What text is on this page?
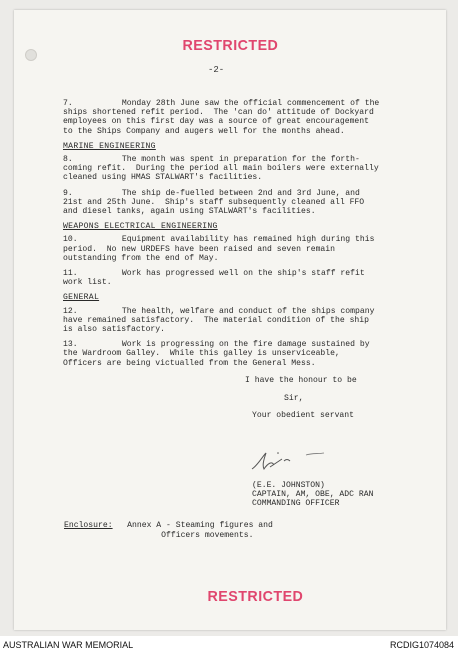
RESTRICTED
-2-
7.        Monday 28th June saw the official commencement of the ships shortened refit period.  The 'can do' attitude of Dockyard employees on this first day was a source of great encouragement to the Ships Company and augers well for the months ahead.
MARINE ENGINEERING
8.        The month was spent in preparation for the forth-coming refit.  During the period all main boilers were externally cleaned using HMAS STALWART's facilities.
9.        The ship de-fuelled between 2nd and 3rd June, and 21st and 25th June.  Ship's staff subsequently cleaned all FFO and diesel tanks, again using STALWART's facilities.
WEAPONS ELECTRICAL ENGINEERING
10.        Equipment availability has remained high during this period.  No new URDEFS have been raised and seven remain outstanding from the end of May.
11.        Work has progressed well on the ship's staff refit work list.
GENERAL
12.        The health, welfare and conduct of the ships company have remained satisfactory.  The material condition of the ship is also satisfactory.
13.        Work is progressing on the fire damage sustained by the Wardroom Galley.  While this galley is unserviceable, Officers are being victualled from the General Mess.
I have the honour to be
Sir,
Your obedient servant
(E.E. JOHNSTON)
CAPTAIN, AM, OBE, ADC RAN
COMMANDING OFFICER
Enclosure: Annex A - Steaming figures and
Officers movements.
RESTRICTED
AUSTRALIAN WAR MEMORIAL	RCDIG1074084
